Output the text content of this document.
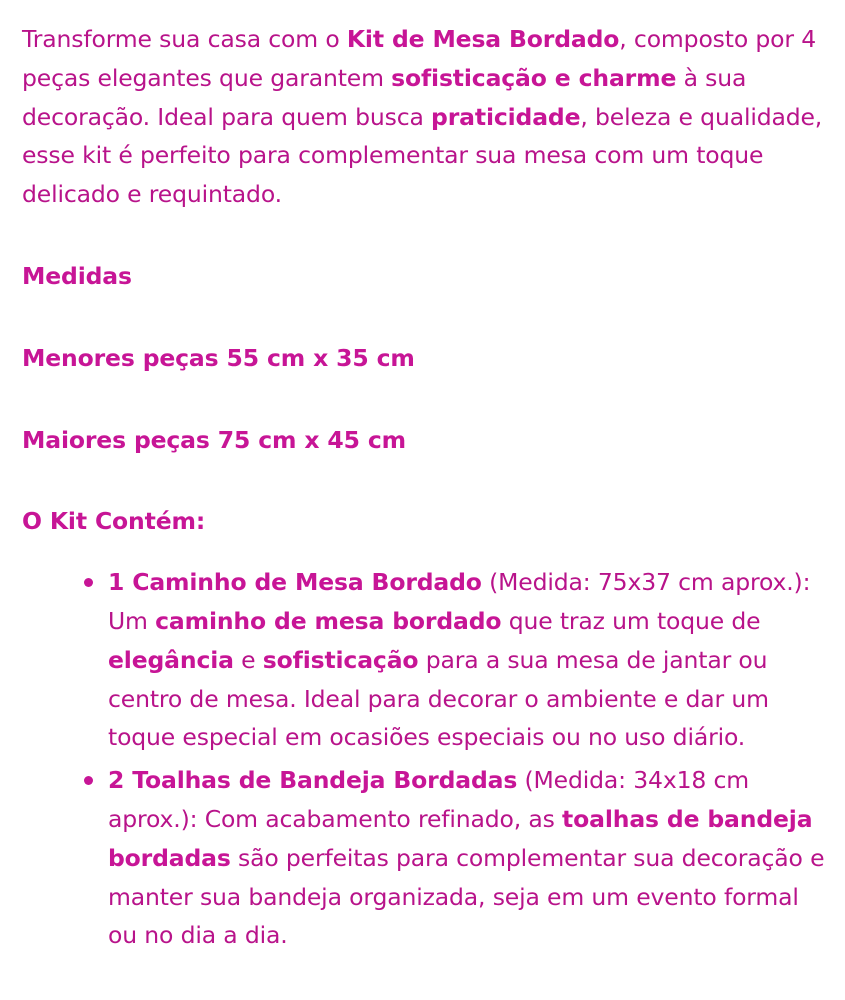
Transforme sua casa com o Kit de Mesa Bordado, composto por 4 peças elegantes que garantem sofisticação e charme à sua decoração. Ideal para quem busca praticidade, beleza e qualidade, esse kit é perfeito para complementar sua mesa com um toque delicado e requintado.

Medidas

Menores peças 55 cm x 35 cm

Maiores peças 75 cm x 45 cm

O Kit Contém:

1 Caminho de Mesa Bordado (Medida: 75x37 cm aprox.): Um caminho de mesa bordado que traz um toque de elegância e sofisticação para a sua mesa de jantar ou centro de mesa. Ideal para decorar o ambiente e dar um toque especial em ocasiões especiais ou no uso diário.
2 Toalhas de Bandeja Bordadas (Medida: 34x18 cm aprox.): Com acabamento refinado, as toalhas de bandeja bordadas são perfeitas para complementar sua decoração e manter sua bandeja organizada, seja em um evento formal ou no dia a dia.
